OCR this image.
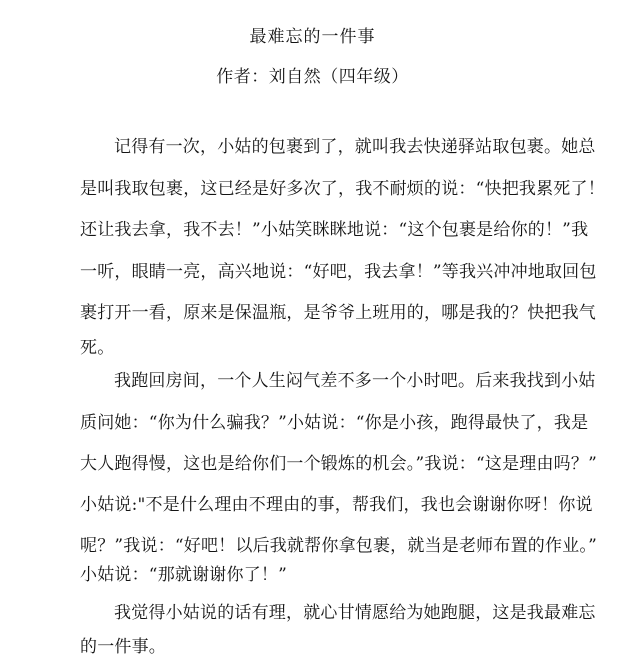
最难忘的一件事
作者：刘自然（四年级）
记得有一次，小姑的包裹到了，就叫我去快递驿站取包裹。她总
是叫我取包裹，这已经是好多次了，我不耐烦的说：“快把我累死了！
还让我去拿，我不去！”小姑笑眯眯地说：“这个包裹是给你的！”我
一听，眼睛一亮，高兴地说：“好吧，我去拿！”等我兴冲冲地取回包
裹打开一看，原来是保温瓶，是爷爷上班用的，哪是我的？快把我气
死。
我跑回房间，一个人生闷气差不多一个小时吧。后来我找到小姑
质问她：“你为什么骗我？”小姑说：“你是小孩，跑得最快了，我是
大人跑得慢，这也是给你们一个锻炼的机会。”我说：“这是理由吗？”
小姑说:"不是什么理由不理由的事，帮我们，我也会谢谢你呀！你说
呢？”我说：“好吧！以后我就帮你拿包裹，就当是老师布置的作业。”
小姑说：“那就谢谢你了！”
我觉得小姑说的话有理，就心甘情愿给为她跑腿，这是我最难忘
的一件事。
